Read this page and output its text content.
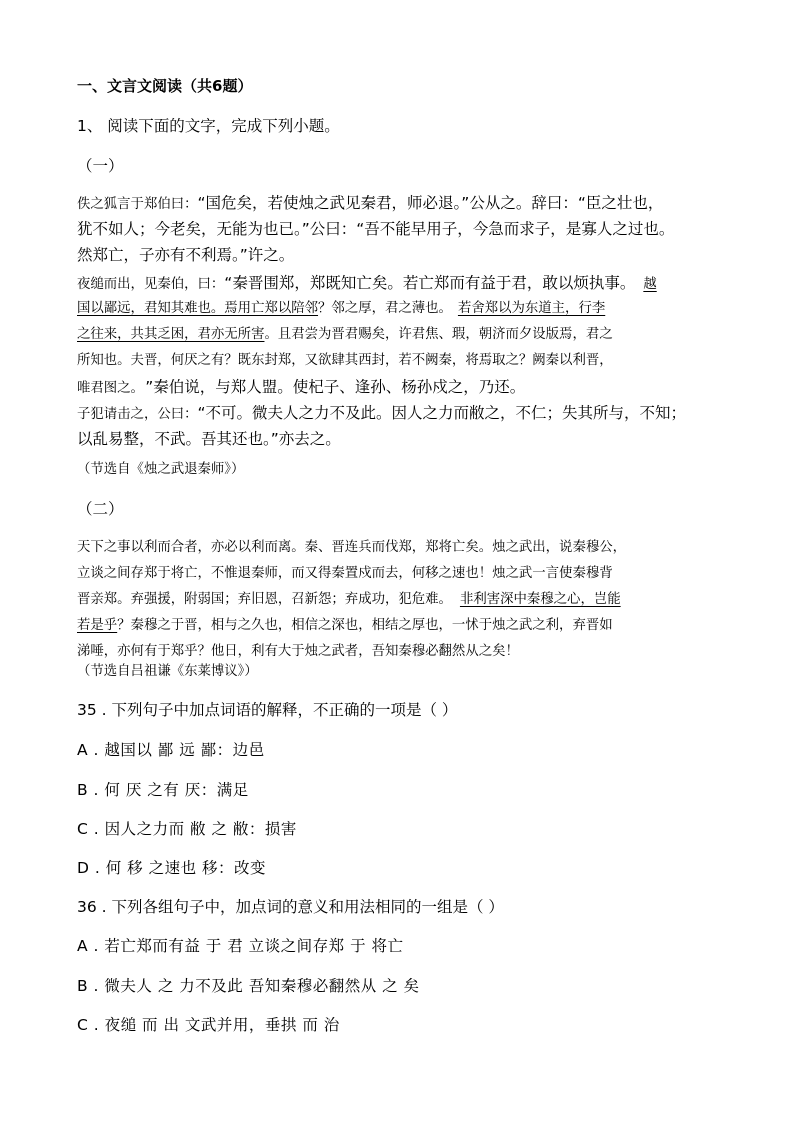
一、文言文阅读（共6题）
1、 阅读下面的文字，完成下列小题。
（一）
佚之狐言于郑伯曰：“国危矣，若使烛之武见秦君，师必退。”公从之。辞曰：“臣之壮也，
犹不如人；今老矣，无能为也已。”公曰：“吾不能早用子，今急而求子，是寡人之过也。
然郑亡，子亦有不利焉。”许之。
夜缒而出，见秦伯，曰：“秦晋围郑，郑既知亡矣。若亡郑而有益于君，敢以烦执事。 越
国以鄙远，君知其难也。焉用亡郑以陪邻？邻之厚，君之薄也。 若舍郑以为东道主，行李
之往来，共其乏困，君亦无所害。且君尝为晋君赐矣，许君焦、瑕，朝济而夕设版焉，君之
所知也。夫晋，何厌之有？既东封郑，又欲肆其西封，若不阙秦，将焉取之？阙秦以利晋，
唯君图之。 ”秦伯说，与郑人盟。使杞子、逢孙、杨孙戍之，乃还。
子犯请击之，公曰：“不可。微夫人之力不及此。因人之力而敝之，不仁；失其所与，不知；
以乱易整，不武。吾其还也。”亦去之。
（节选自《烛之武退秦师》）
（二）
天下之事以利而合者，亦必以利而离。秦、晋连兵而伐郑，郑将亡矣。烛之武出，说秦穆公，
立谈之间存郑于将亡，不惟退秦师，而又得秦置戍而去，何移之速也！烛之武一言使秦穆背
晋亲郑。弃强援，附弱国；弃旧恩，召新怨；弃成功，犯危难。 非利害深中秦穆之心，岂能
若是乎？秦穆之于晋，相与之久也，相信之深也，相结之厚也，一怵于烛之武之利，弃晋如
涕唾，亦何有于郑乎？他日，利有大于烛之武者，吾知秦穆必翻然从之矣！
（节选自吕祖谦《东莱博议》）
35 . 下列句子中加点词语的解释，不正确的一项是（ ）
A . 越国以 鄙 远 鄙：边邑
B . 何 厌 之有 厌：满足
C . 因人之力而 敝 之 敝：损害
D . 何 移 之速也 移：改变
36 . 下列各组句子中，加点词的意义和用法相同的一组是（ ）
A . 若亡郑而有益 于 君 立谈之间存郑 于 将亡
B . 微夫人 之 力不及此 吾知秦穆必翻然从 之 矣
C . 夜缒 而 出 文武并用，垂拱 而 治
